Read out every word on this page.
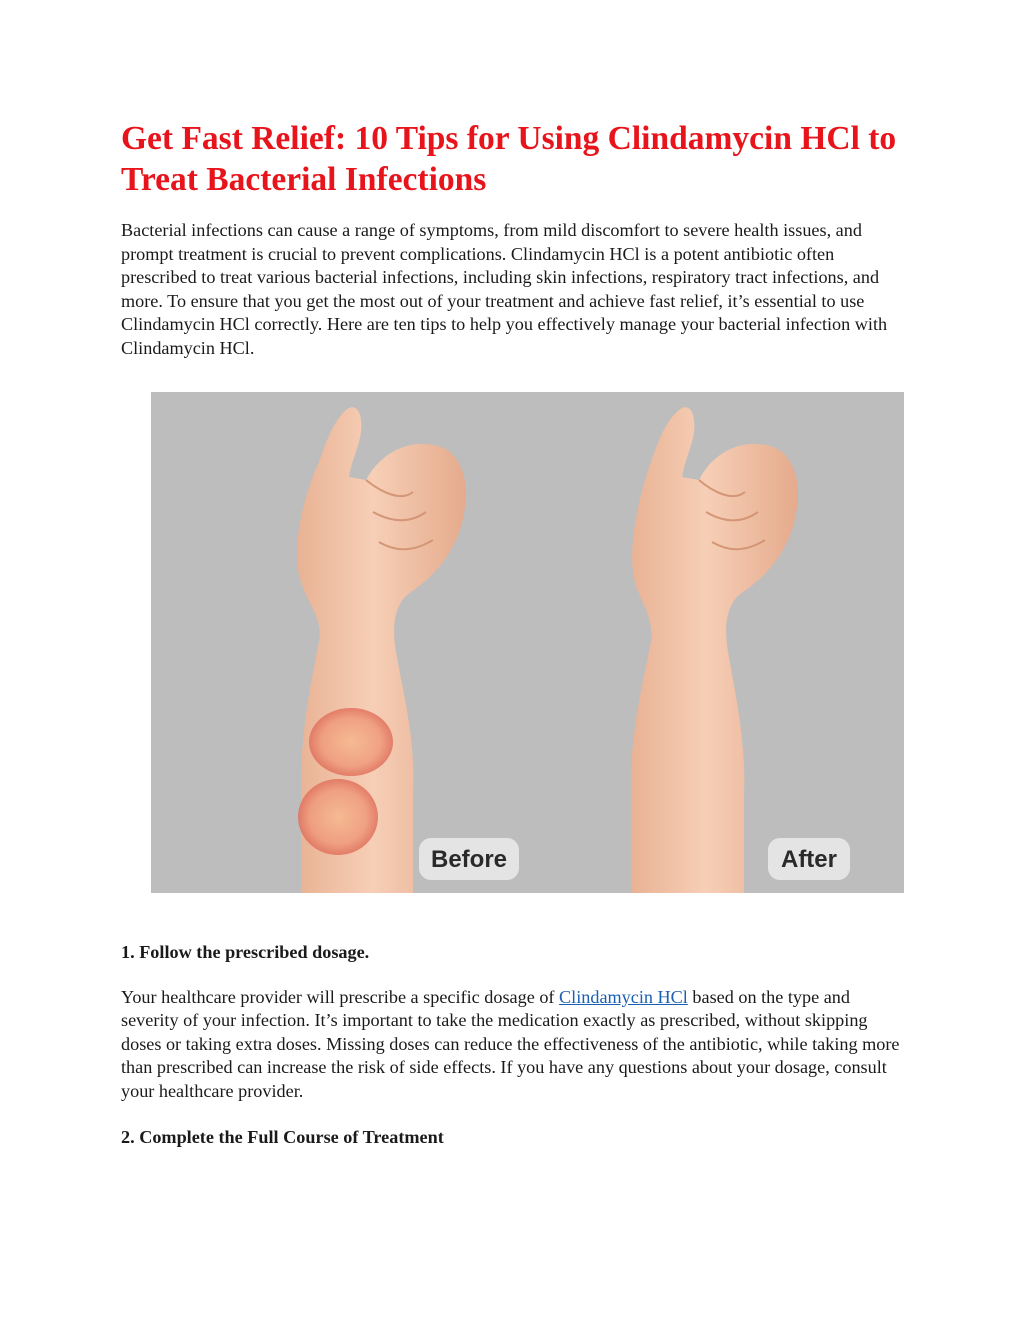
Get Fast Relief: 10 Tips for Using Clindamycin HCl to Treat Bacterial Infections

Bacterial infections can cause a range of symptoms, from mild discomfort to severe health issues, and prompt treatment is crucial to prevent complications. Clindamycin HCl is a potent antibiotic often prescribed to treat various bacterial infections, including skin infections, respiratory tract infections, and more. To ensure that you get the most out of your treatment and achieve fast relief, it’s essential to use Clindamycin HCl correctly. Here are ten tips to help you effectively manage your bacterial infection with Clindamycin HCl.

Before	After

1. Follow the prescribed dosage.

Your healthcare provider will prescribe a specific dosage of Clindamycin HCl based on the type and severity of your infection. It’s important to take the medication exactly as prescribed, without skipping doses or taking extra doses. Missing doses can reduce the effectiveness of the antibiotic, while taking more than prescribed can increase the risk of side effects. If you have any questions about your dosage, consult your healthcare provider.

2. Complete the Full Course of Treatment
